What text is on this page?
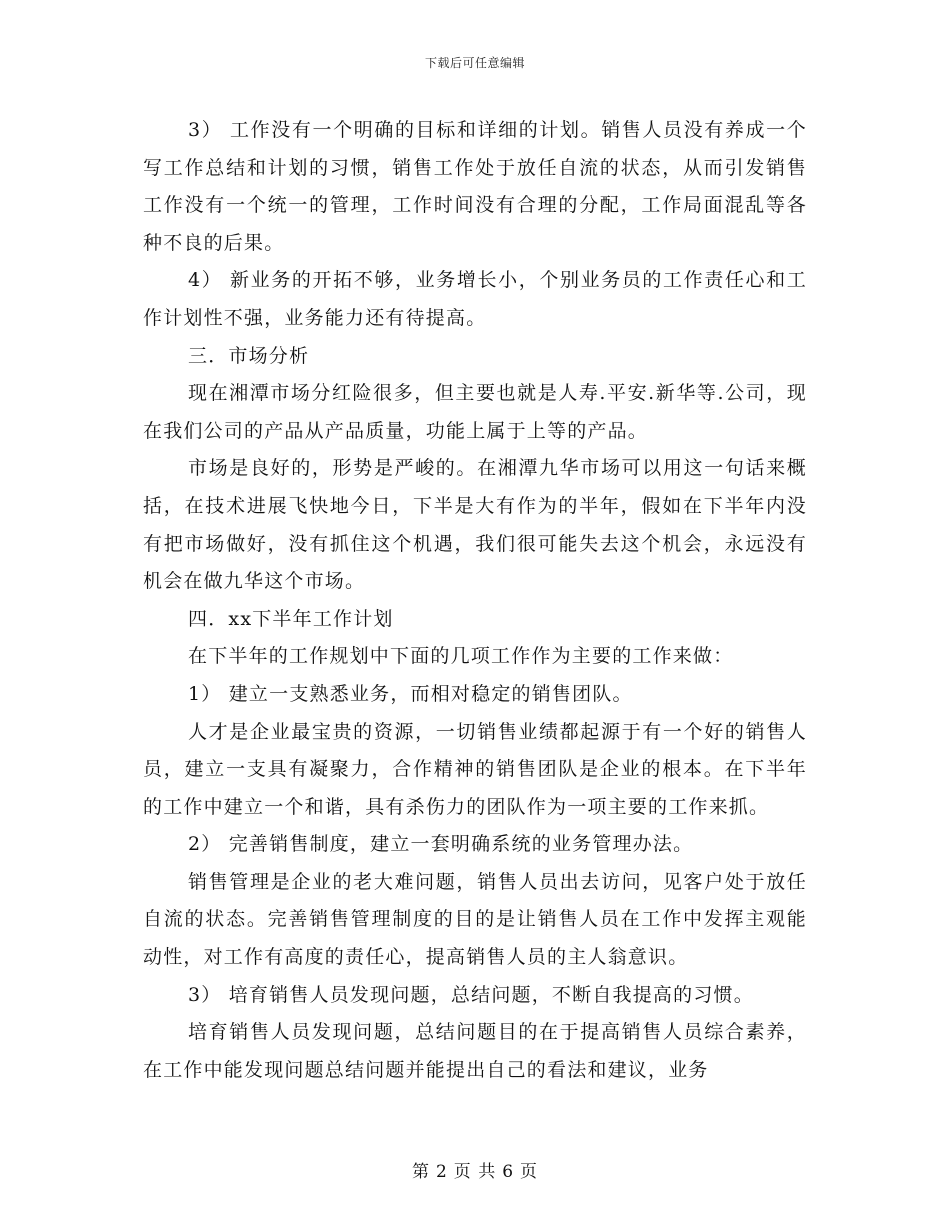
下载后可任意编辑

3） 工作没有一个明确的目标和详细的计划。销售人员没有养成一个写工作总结和计划的习惯，销售工作处于放任自流的状态，从而引发销售工作没有一个统一的管理，工作时间没有合理的分配，工作局面混乱等各种不良的后果。

4） 新业务的开拓不够，业务增长小，个别业务员的工作责任心和工作计划性不强，业务能力还有待提高。

三．市场分析

现在湘潭市场分红险很多，但主要也就是人寿.平安.新华等.公司，现在我们公司的产品从产品质量，功能上属于上等的产品。

市场是良好的，形势是严峻的。在湘潭九华市场可以用这一句话来概括，在技术进展飞快地今日，下半是大有作为的半年，假如在下半年内没有把市场做好，没有抓住这个机遇，我们很可能失去这个机会，永远没有机会在做九华这个市场。

四．xx下半年工作计划

在下半年的工作规划中下面的几项工作作为主要的工作来做：

1） 建立一支熟悉业务，而相对稳定的销售团队。

人才是企业最宝贵的资源，一切销售业绩都起源于有一个好的销售人员，建立一支具有凝聚力，合作精神的销售团队是企业的根本。在下半年的工作中建立一个和谐，具有杀伤力的团队作为一项主要的工作来抓。

2） 完善销售制度，建立一套明确系统的业务管理办法。

销售管理是企业的老大难问题，销售人员出去访问，见客户处于放任自流的状态。完善销售管理制度的目的是让销售人员在工作中发挥主观能动性，对工作有高度的责任心，提高销售人员的主人翁意识。

3） 培育销售人员发现问题，总结问题，不断自我提高的习惯。

培育销售人员发现问题，总结问题目的在于提高销售人员综合素养，在工作中能发现问题总结问题并能提出自己的看法和建议，业务

第 2 页 共 6 页
